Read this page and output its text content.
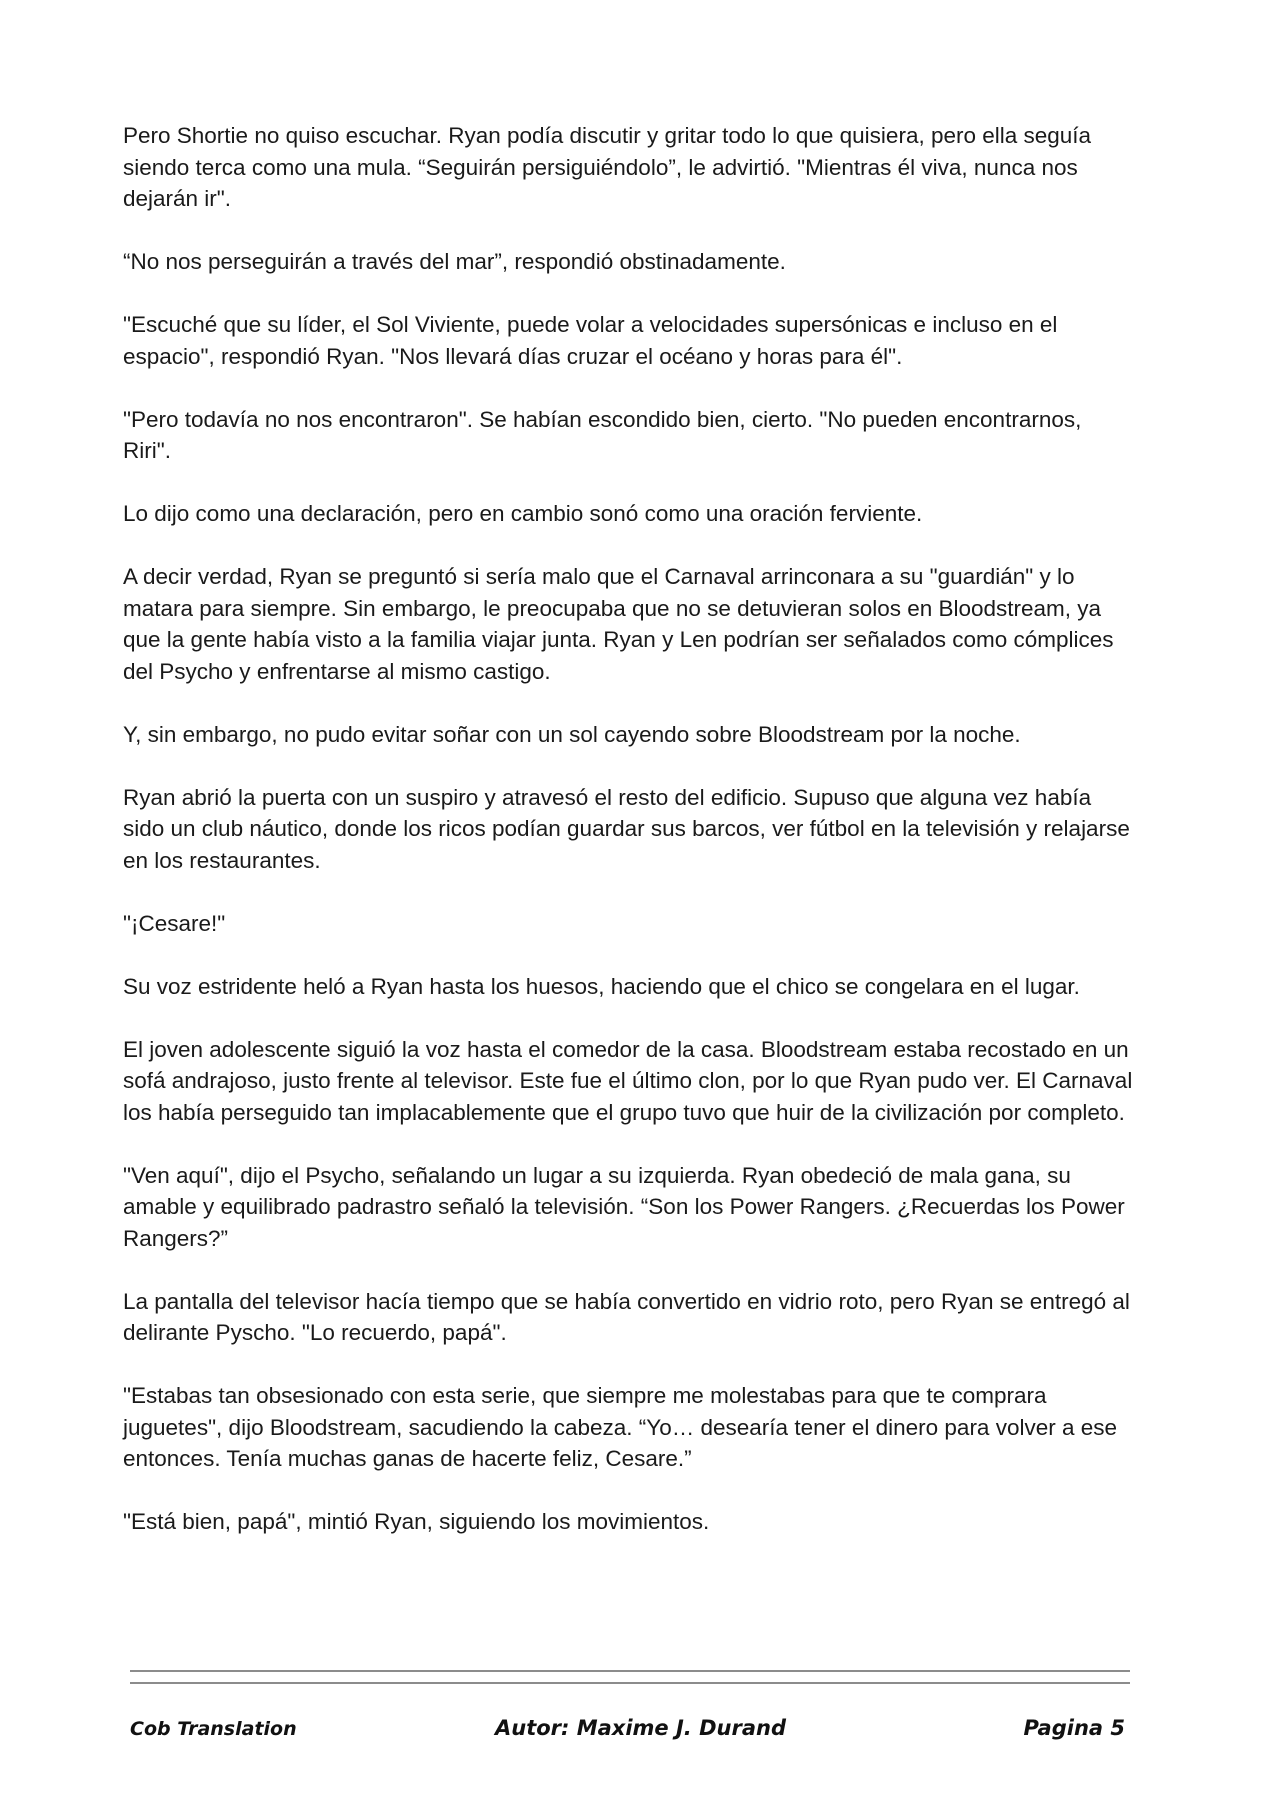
Pero Shortie no quiso escuchar. Ryan podía discutir y gritar todo lo que quisiera, pero ella seguía siendo terca como una mula. “Seguirán persiguiéndolo”, le advirtió. "Mientras él viva, nunca nos dejarán ir".

“No nos perseguirán a través del mar”, respondió obstinadamente.

"Escuché que su líder, el Sol Viviente, puede volar a velocidades supersónicas e incluso en el espacio", respondió Ryan. "Nos llevará días cruzar el océano y horas para él".

"Pero todavía no nos encontraron". Se habían escondido bien, cierto. "No pueden encontrarnos, Riri".

Lo dijo como una declaración, pero en cambio sonó como una oración ferviente.

A decir verdad, Ryan se preguntó si sería malo que el Carnaval arrinconara a su "guardián" y lo matara para siempre. Sin embargo, le preocupaba que no se detuvieran solos en Bloodstream, ya que la gente había visto a la familia viajar junta. Ryan y Len podrían ser señalados como cómplices del Psycho y enfrentarse al mismo castigo.

Y, sin embargo, no pudo evitar soñar con un sol cayendo sobre Bloodstream por la noche.

Ryan abrió la puerta con un suspiro y atravesó el resto del edificio. Supuso que alguna vez había sido un club náutico, donde los ricos podían guardar sus barcos, ver fútbol en la televisión y relajarse en los restaurantes.

"¡Cesare!"

Su voz estridente heló a Ryan hasta los huesos, haciendo que el chico se congelara en el lugar.

El joven adolescente siguió la voz hasta el comedor de la casa. Bloodstream estaba recostado en un sofá andrajoso, justo frente al televisor. Este fue el último clon, por lo que Ryan pudo ver. El Carnaval los había perseguido tan implacablemente que el grupo tuvo que huir de la civilización por completo.

"Ven aquí", dijo el Psycho, señalando un lugar a su izquierda. Ryan obedeció de mala gana, su amable y equilibrado padrastro señaló la televisión. “Son los Power Rangers. ¿Recuerdas los Power Rangers?”

La pantalla del televisor hacía tiempo que se había convertido en vidrio roto, pero Ryan se entregó al delirante Pyscho. "Lo recuerdo, papá".

"Estabas tan obsesionado con esta serie, que siempre me molestabas para que te comprara juguetes", dijo Bloodstream, sacudiendo la cabeza. “Yo… desearía tener el dinero para volver a ese entonces. Tenía muchas ganas de hacerte feliz, Cesare.”

"Está bien, papá", mintió Ryan, siguiendo los movimientos.

Cob Translation	Autor: Maxime J. Durand	Pagina 5
